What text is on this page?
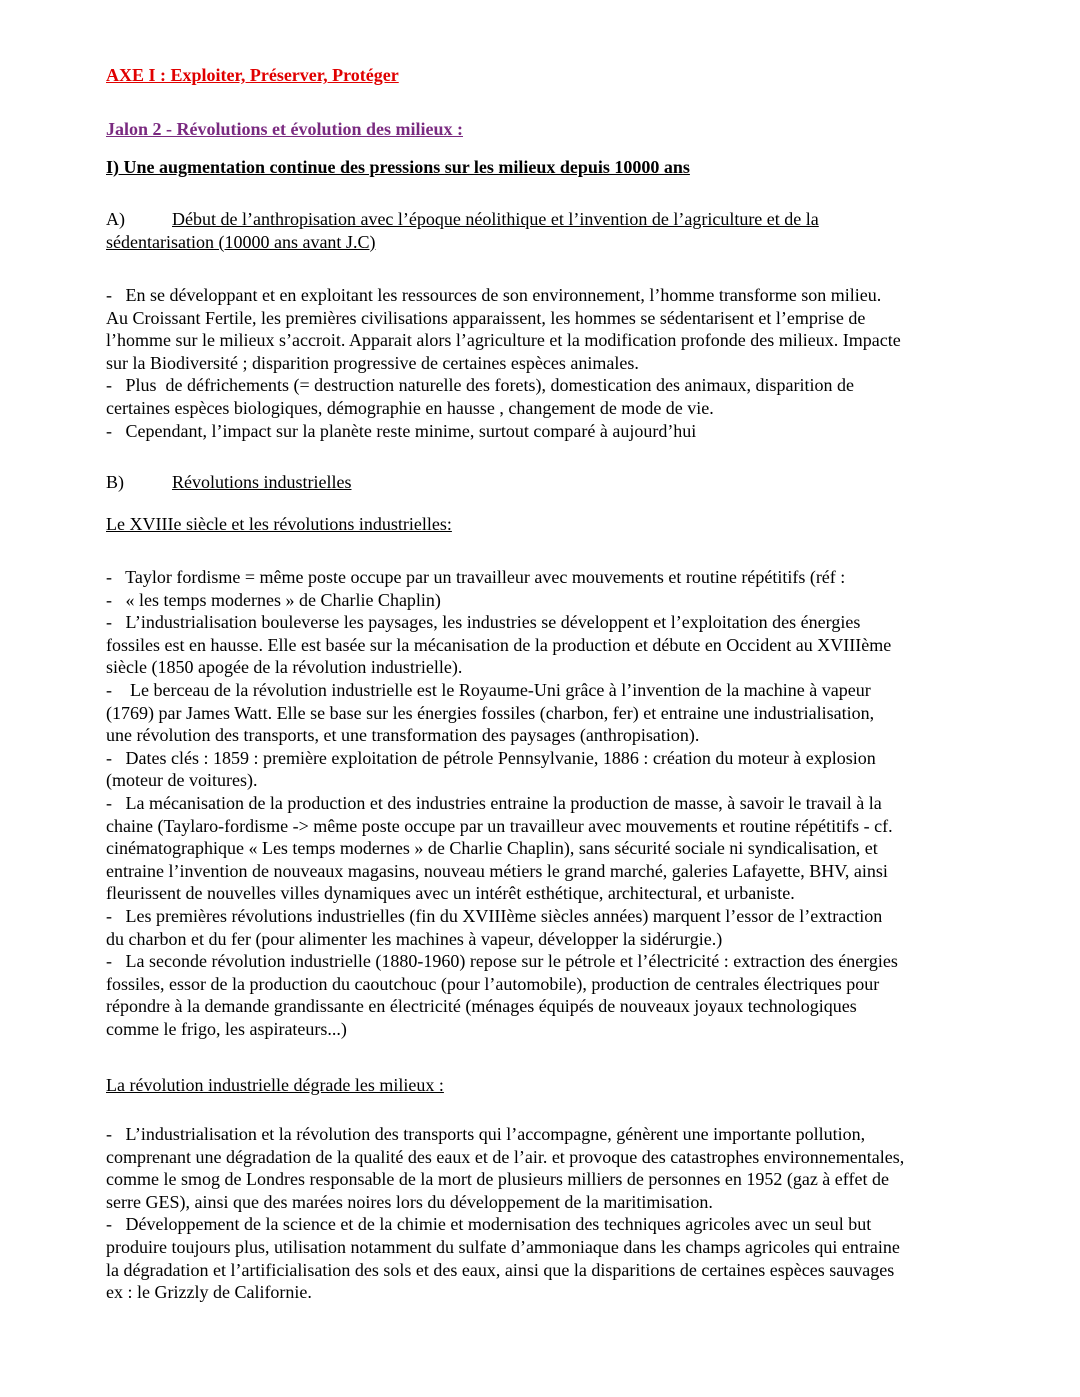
AXE I : Exploiter, Préserver, Protéger
Jalon 2 - Révolutions et évolution des milieux :
I) Une augmentation continue des pressions sur les milieux depuis 10000 ans

A)	Début de l’anthropisation avec l’époque néolithique et l’invention de l’agriculture et de la

sédentarisation (10000 ans avant J.C)

-   En se développant et en exploitant les ressources de son environnement, l’homme transforme son milieu.

Au Croissant Fertile, les premières civilisations apparaissent, les hommes se sédentarisent et l’emprise de

l’homme sur le milieux s’accroit. Apparait alors l’agriculture et la modification profonde des milieux. Impacte

sur la Biodiversité ; disparition progressive de certaines espèces animales.

-   Plus  de défrichements (= destruction naturelle des forets), domestication des animaux, disparition de

certaines espèces biologiques, démographie en hausse , changement de mode de vie.

-   Cependant, l’impact sur la planète reste minime, surtout comparé à aujourd’hui

B)	Révolutions industrielles

Le XVIIIe siècle et les révolutions industrielles:

-   Taylor fordisme = même poste occupe par un travailleur avec mouvements et routine répétitifs (réf :

-   « les temps modernes » de Charlie Chaplin)

-   L’industrialisation bouleverse les paysages, les industries se développent et l’exploitation des énergies

fossiles est en hausse. Elle est basée sur la mécanisation de la production et débute en Occident au XVIIIème

siècle (1850 apogée de la révolution industrielle).

-    Le berceau de la révolution industrielle est le Royaume-Uni grâce à l’invention de la machine à vapeur

(1769) par James Watt. Elle se base sur les énergies fossiles (charbon, fer) et entraine une industrialisation,

une révolution des transports, et une transformation des paysages (anthropisation).

-   Dates clés : 1859 : première exploitation de pétrole Pennsylvanie, 1886 : création du moteur à explosion

(moteur de voitures).

-   La mécanisation de la production et des industries entraine la production de masse, à savoir le travail à la

chaine (Taylaro-fordisme -> même poste occupe par un travailleur avec mouvements et routine répétitifs - cf.

cinématographique « Les temps modernes » de Charlie Chaplin), sans sécurité sociale ni syndicalisation, et

entraine l’invention de nouveaux magasins, nouveau métiers le grand marché, galeries Lafayette, BHV, ainsi

fleurissent de nouvelles villes dynamiques avec un intérêt esthétique, architectural, et urbaniste.

-   Les premières révolutions industrielles (fin du XVIIIème siècles années) marquent l’essor de l’extraction

du charbon et du fer (pour alimenter les machines à vapeur, développer la sidérurgie.)

-   La seconde révolution industrielle (1880-1960) repose sur le pétrole et l’électricité : extraction des énergies

fossiles, essor de la production du caoutchouc (pour l’automobile), production de centrales électriques pour

répondre à la demande grandissante en électricité (ménages équipés de nouveaux joyaux technologiques

comme le frigo, les aspirateurs...)

La révolution industrielle dégrade les milieux :

-   L’industrialisation et la révolution des transports qui l’accompagne, génèrent une importante pollution,

comprenant une dégradation de la qualité des eaux et de l’air. et provoque des catastrophes environnementales,

comme le smog de Londres responsable de la mort de plusieurs milliers de personnes en 1952 (gaz à effet de

serre GES), ainsi que des marées noires lors du développement de la maritimisation.

-   Développement de la science et de la chimie et modernisation des techniques agricoles avec un seul but

produire toujours plus, utilisation notamment du sulfate d’ammoniaque dans les champs agricoles qui entraine

la dégradation et l’artificialisation des sols et des eaux, ainsi que la disparitions de certaines espèces sauvages

ex : le Grizzly de Californie.
